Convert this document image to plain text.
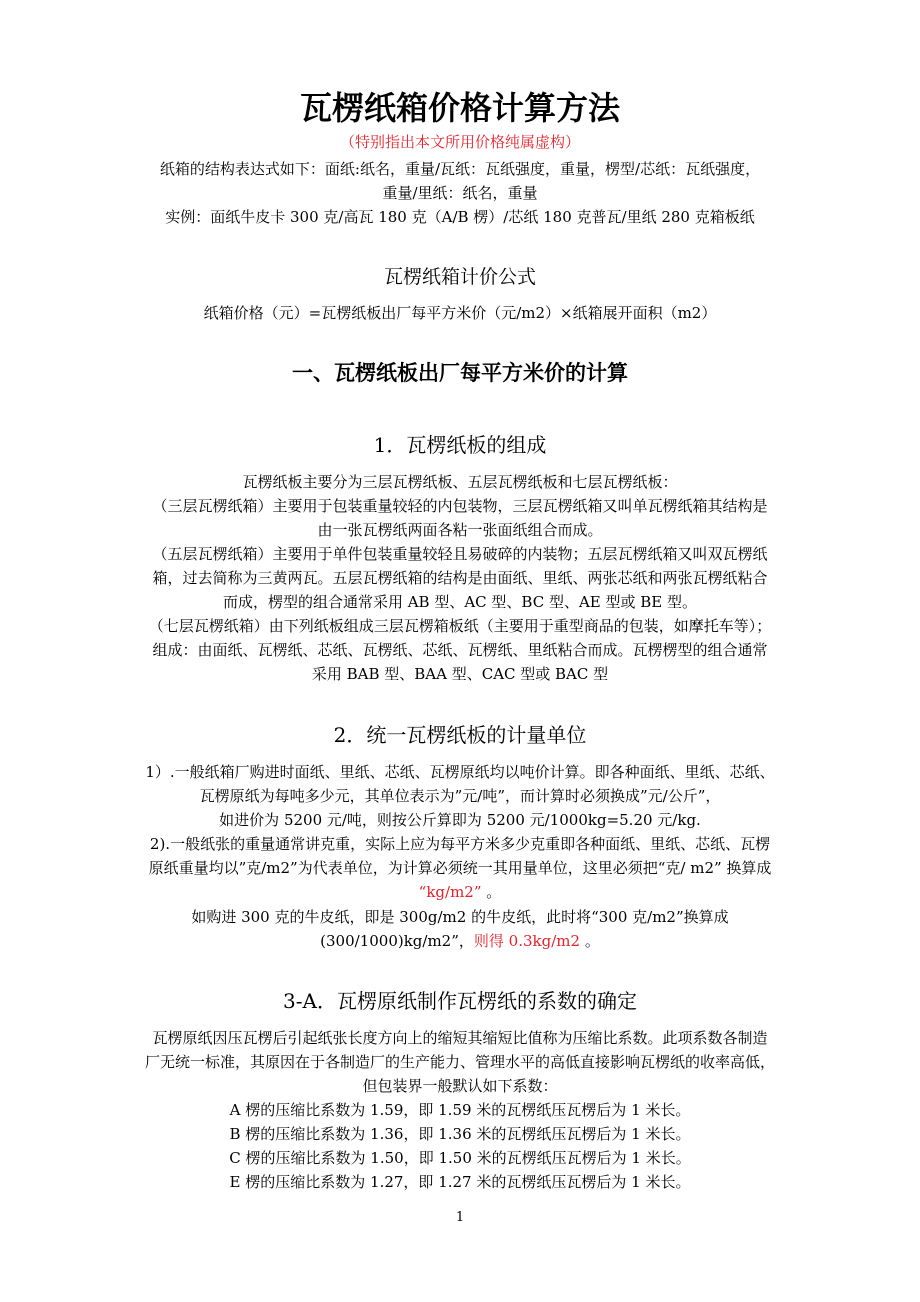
瓦楞纸箱价格计算方法
（特别指出本文所用价格纯属虚构）
纸箱的结构表达式如下：面纸:纸名，重量/瓦纸：瓦纸强度，重量，楞型/芯纸：瓦纸强度，
重量/里纸：纸名，重量
实例：面纸牛皮卡 300 克/高瓦 180 克（A/B 楞）/芯纸 180 克普瓦/里纸 280 克箱板纸
瓦楞纸箱计价公式
纸箱价格（元）=瓦楞纸板出厂每平方米价（元/m2）×纸箱展开面积（m2）
一、瓦楞纸板出厂每平方米价的计算
1．瓦楞纸板的组成
瓦楞纸板主要分为三层瓦楞纸板、五层瓦楞纸板和七层瓦楞纸板：
（三层瓦楞纸箱）主要用于包装重量较轻的内包装物，三层瓦楞纸箱又叫单瓦楞纸箱其结构是
由一张瓦楞纸两面各粘一张面纸组合而成。
（五层瓦楞纸箱）主要用于单件包装重量较轻且易破碎的内装物；五层瓦楞纸箱又叫双瓦楞纸
箱，过去简称为三黄两瓦。五层瓦楞纸箱的结构是由面纸、里纸、两张芯纸和两张瓦楞纸粘合
而成，楞型的组合通常采用 AB 型、AC 型、BC 型、AE 型或 BE 型。
（七层瓦楞纸箱）由下列纸板组成三层瓦楞箱板纸（主要用于重型商品的包装，如摩托车等）；
组成：由面纸、瓦楞纸、芯纸、瓦楞纸、芯纸、瓦楞纸、里纸粘合而成。瓦楞楞型的组合通常
采用 BAB 型、BAA 型、CAC 型或 BAC 型
2．统一瓦楞纸板的计量单位
1）.一般纸箱厂购进时面纸、里纸、芯纸、瓦楞原纸均以吨价计算。即各种面纸、里纸、芯纸、
瓦楞原纸为每吨多少元，其单位表示为”元/吨”，而计算时必须换成”元/公斤”，
如进价为 5200 元/吨，则按公斤算即为 5200 元/1000kg=5.20 元/kg.
2).一般纸张的重量通常讲克重，实际上应为每平方米多少克重即各种面纸、里纸、芯纸、瓦楞
原纸重量均以”克/m2”为代表单位，为计算必须统一其用量单位，这里必须把“克/ m2” 换算成
“kg/m2” 。
如购进 300 克的牛皮纸，即是 300g/m2 的牛皮纸，此时将“300 克/m2”换算成
(300/1000)kg/m2”，则得 0.3kg/m2 。
3-A．瓦楞原纸制作瓦楞纸的系数的确定
瓦楞原纸因压瓦楞后引起纸张长度方向上的缩短其缩短比值称为压缩比系数。此项系数各制造
厂无统一标准，其原因在于各制造厂的生产能力、管理水平的高低直接影响瓦楞纸的收率高低，
但包装界一般默认如下系数：
A 楞的压缩比系数为 1.59，即 1.59 米的瓦楞纸压瓦楞后为 1 米长。
B 楞的压缩比系数为 1.36，即 1.36 米的瓦楞纸压瓦楞后为 1 米长。
C 楞的压缩比系数为 1.50，即 1.50 米的瓦楞纸压瓦楞后为 1 米长。
E 楞的压缩比系数为 1.27，即 1.27 米的瓦楞纸压瓦楞后为 1 米长。
1
